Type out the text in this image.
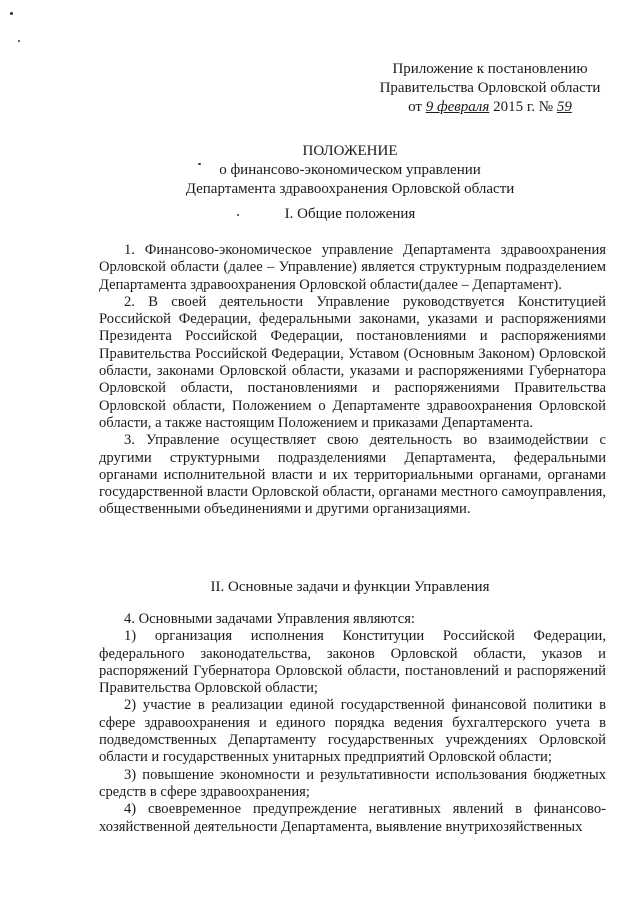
Приложение к постановлению
Правительства Орловской области
от 9 февраля 2015 г. № 59
ПОЛОЖЕНИЕ
о финансово-экономическом управлении
Департамента здравоохранения Орловской области
I. Общие положения

1. Финансово-экономическое управление Департамента здравоохранения Орловской области (далее – Управление) является структурным подразделением Департамента здравоохранения Орловской области(далее – Департамент).

2. В своей деятельности Управление руководствуется Конституцией Российской Федерации, федеральными законами, указами и распоряжениями Президента Российской Федерации, постановлениями и распоряжениями Правительства Российской Федерации, Уставом (Основным Законом) Орловской области, законами Орловской области, указами и распоряжениями Губернатора Орловской области, постановлениями и распоряжениями Правительства Орловской области, Положением о Департаменте здравоохранения Орловской области, а также настоящим Положением и приказами Департамента.

3. Управление осуществляет свою деятельность во взаимодействии с другими структурными подразделениями Департамента, федеральными органами исполнительной власти и их территориальными органами, органами государственной власти Орловской области, органами местного самоуправления, общественными объединениями и другими организациями.

II. Основные задачи и функции Управления

4. Основными задачами Управления являются:

1) организация исполнения Конституции Российской Федерации, федерального законодательства, законов Орловской области, указов и распоряжений Губернатора Орловской области, постановлений и распоряжений Правительства Орловской области;

2) участие в реализации единой государственной финансовой политики в сфере здравоохранения и единого порядка ведения бухгалтерского учета в подведомственных Департаменту государственных учреждениях Орловской области и государственных унитарных предприятий Орловской области;

3) повышение экономности и результативности использования бюджетных средств в сфере здравоохранения;

4) своевременное предупреждение негативных явлений в финансово-хозяйственной деятельности Департамента, выявление внутрихозяйственных
